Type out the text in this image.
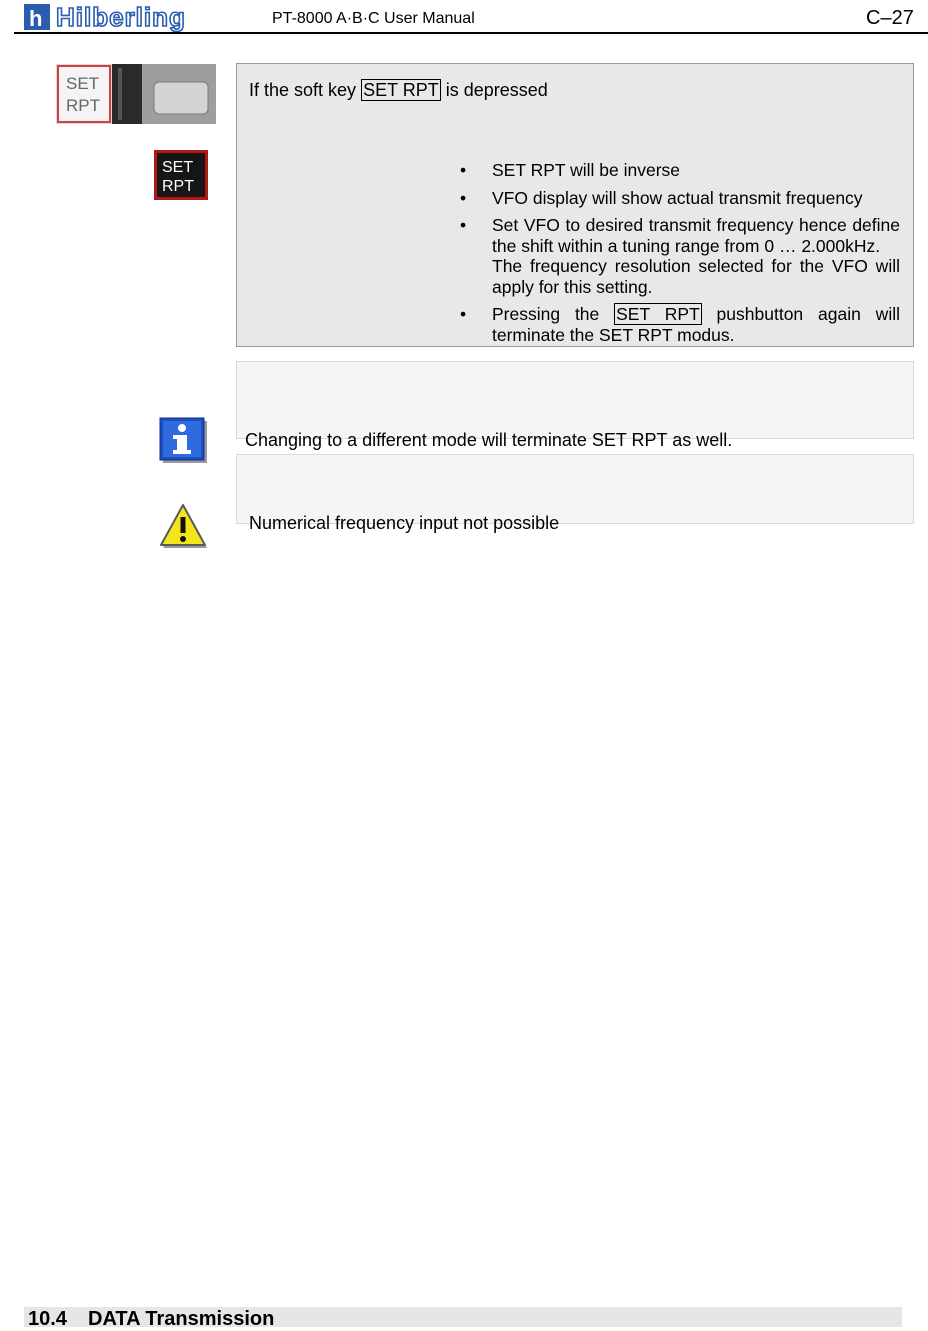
h Hilberling	PT-8000 A·B·C User Manual	C–27
SET
RPT
SET
RPT
If the soft key SET RPT is depressed
• SET RPT will be inverse
• VFO display will show actual transmit frequency
• Set VFO to desired transmit frequency hence define the shift within a tuning range from 0 … 2.000kHz.
The frequency resolution selected for the VFO will apply for this setting.
• Pressing the SET RPT pushbutton again will terminate the SET RPT modus.
Changing to a different mode will terminate SET RPT as well.
Numerical frequency input not possible
10.4 DATA Transmission
